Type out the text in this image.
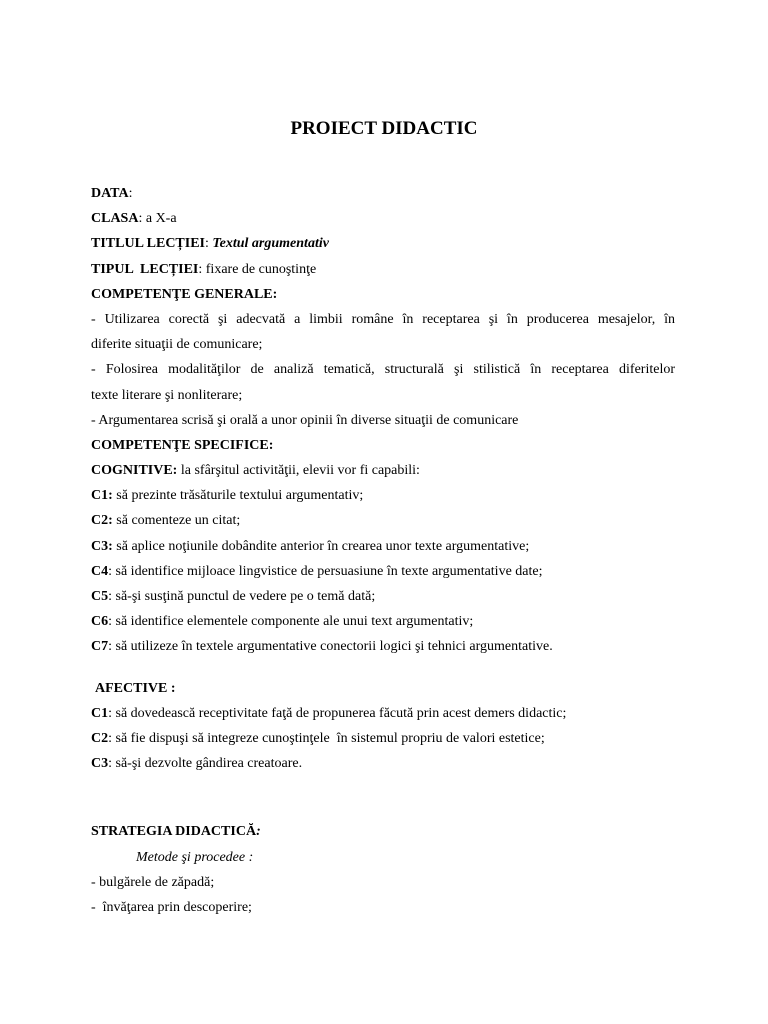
PROIECT DIDACTIC
DATA:
CLASA: a X-a
TITLUL LECȚIEI: Textul argumentativ
TIPUL  LECȚIEI: fixare de cunoştinţe
COMPETENŢE GENERALE:
- Utilizarea corectă şi adecvată a limbii române în receptarea şi în producerea mesajelor, în
diferite situaţii de comunicare;
- Folosirea modalităţilor de analiză tematică, structurală şi stilistică în receptarea diferitelor
texte literare şi nonliterare;
- Argumentarea scrisă şi orală a unor opinii în diverse situaţii de comunicare
COMPETENŢE SPECIFICE:
COGNITIVE: la sfârşitul activităţii, elevii vor fi capabili:
C1: să prezinte trăsăturile textului argumentativ;
C2: să comenteze un citat;
C3: să aplice noţiunile dobândite anterior în crearea unor texte argumentative;
C4: să identifice mijloace lingvistice de persuasiune în texte argumentative date;
C5: să-şi susţină punctul de vedere pe o temă dată;
C6: să identifice elementele componente ale unui text argumentativ;
C7: să utilizeze în textele argumentative conectorii logici şi tehnici argumentative.
AFECTIVE :
C1: să dovedească receptivitate faţă de propunerea făcută prin acest demers didactic;
C2: să fie dispuşi să integreze cunoştinţele  în sistemul propriu de valori estetice;
C3: să-şi dezvolte gândirea creatoare.
STRATEGIA DIDACTICĂ:
Metode şi procedee :
- bulgărele de zăpadă;
-  învăţarea prin descoperire;
